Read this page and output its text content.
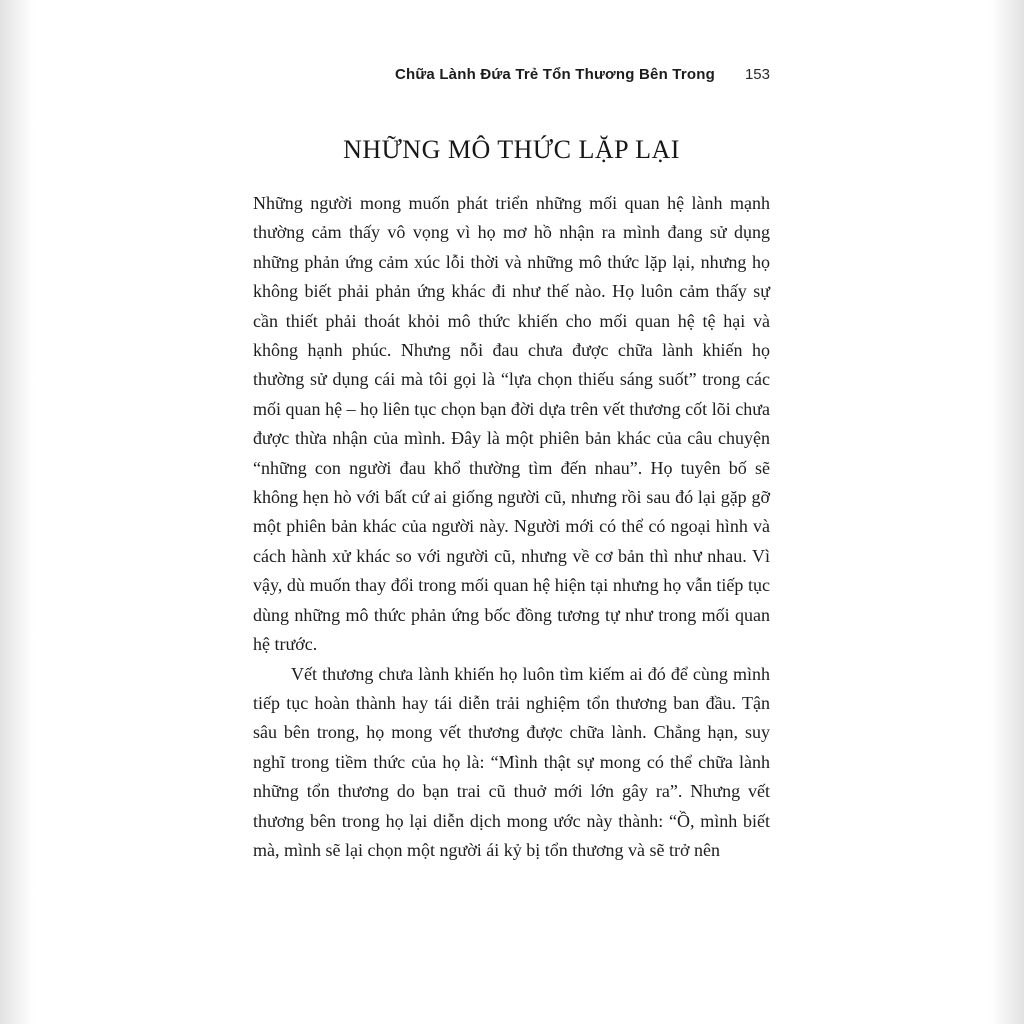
Chữa Lành Đứa Trẻ Tổn Thương Bên Trong 153
NHỮNG MÔ THỨC LẶP LẠI

Những người mong muốn phát triển những mối quan hệ lành mạnh thường cảm thấy vô vọng vì họ mơ hồ nhận ra mình đang sử dụng những phản ứng cảm xúc lỗi thời và những mô thức lặp lại, nhưng họ không biết phải phản ứng khác đi như thế nào. Họ luôn cảm thấy sự cần thiết phải thoát khỏi mô thức khiến cho mối quan hệ tệ hại và không hạnh phúc. Nhưng nỗi đau chưa được chữa lành khiến họ thường sử dụng cái mà tôi gọi là “lựa chọn thiếu sáng suốt” trong các mối quan hệ – họ liên tục chọn bạn đời dựa trên vết thương cốt lõi chưa được thừa nhận của mình. Đây là một phiên bản khác của câu chuyện “những con người đau khổ thường tìm đến nhau”. Họ tuyên bố sẽ không hẹn hò với bất cứ ai giống người cũ, nhưng rồi sau đó lại gặp gỡ một phiên bản khác của người này. Người mới có thể có ngoại hình và cách hành xử khác so với người cũ, nhưng về cơ bản thì như nhau. Vì vậy, dù muốn thay đổi trong mối quan hệ hiện tại nhưng họ vẫn tiếp tục dùng những mô thức phản ứng bốc đồng tương tự như trong mối quan hệ trước.

Vết thương chưa lành khiến họ luôn tìm kiếm ai đó để cùng mình tiếp tục hoàn thành hay tái diễn trải nghiệm tổn thương ban đầu. Tận sâu bên trong, họ mong vết thương được chữa lành. Chẳng hạn, suy nghĩ trong tiềm thức của họ là: “Mình thật sự mong có thể chữa lành những tổn thương do bạn trai cũ thuở mới lớn gây ra”. Nhưng vết thương bên trong họ lại diễn dịch mong ước này thành: “Ồ, mình biết mà, mình sẽ lại chọn một người ái kỷ bị tổn thương và sẽ trở nên
